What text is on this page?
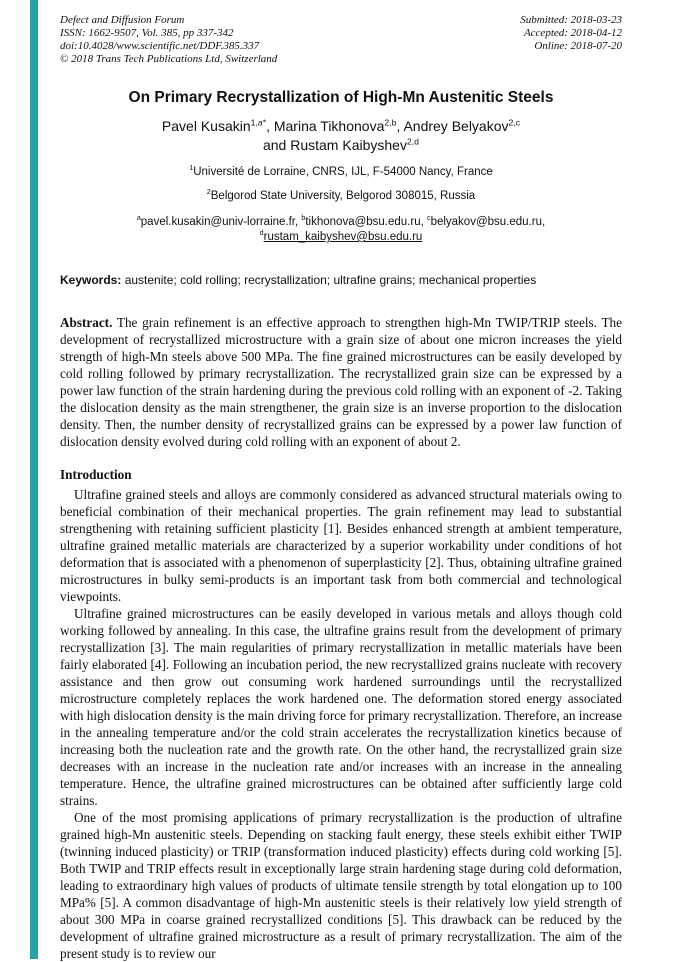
Defect and Diffusion Forum
ISSN: 1662-9507, Vol. 385, pp 337-342
doi:10.4028/www.scientific.net/DDF.385.337
© 2018 Trans Tech Publications Ltd, Switzerland
Submitted: 2018-03-23
Accepted: 2018-04-12
Online: 2018-07-20
On Primary Recrystallization of High-Mn Austenitic Steels
Pavel Kusakin$^{1,a*}$, Marina Tikhonova$^{2,b}$, Andrey Belyakov$^{2,c}$
and Rustam Kaibyshev$^{2,d}$
$^1$Université de Lorraine, CNRS, IJL, F-54000 Nancy, France
$^2$Belgorod State University, Belgorod 308015, Russia
$^a$pavel.kusakin@univ-lorraine.fr, $^b$tikhonova@bsu.edu.ru, $^c$belyakov@bsu.edu.ru,
$^d$rustam_kaibyshev@bsu.edu.ru
Keywords: austenite; cold rolling; recrystallization; ultrafine grains; mechanical properties

Abstract. The grain refinement is an effective approach to strengthen high-Mn TWIP/TRIP steels. The development of recrystallized microstructure with a grain size of about one micron increases the yield strength of high-Mn steels above 500 MPa. The fine grained microstructures can be easily developed by cold rolling followed by primary recrystallization. The recrystallized grain size can be expressed by a power law function of the strain hardening during the previous cold rolling with an exponent of -2. Taking the dislocation density as the main strengthener, the grain size is an inverse proportion to the dislocation density. Then, the number density of recrystallized grains can be expressed by a power law function of dislocation density evolved during cold rolling with an exponent of about 2.

Introduction

Ultrafine grained steels and alloys are commonly considered as advanced structural materials owing to beneficial combination of their mechanical properties. The grain refinement may lead to substantial strengthening with retaining sufficient plasticity [1]. Besides enhanced strength at ambient temperature, ultrafine grained metallic materials are characterized by a superior workability under conditions of hot deformation that is associated with a phenomenon of superplasticity [2]. Thus, obtaining ultrafine grained microstructures in bulky semi-products is an important task from both commercial and technological viewpoints.

Ultrafine grained microstructures can be easily developed in various metals and alloys though cold working followed by annealing. In this case, the ultrafine grains result from the development of primary recrystallization [3]. The main regularities of primary recrystallization in metallic materials have been fairly elaborated [4]. Following an incubation period, the new recrystallized grains nucleate with recovery assistance and then grow out consuming work hardened surroundings until the recrystallized microstructure completely replaces the work hardened one. The deformation stored energy associated with high dislocation density is the main driving force for primary recrystallization. Therefore, an increase in the annealing temperature and/or the cold strain accelerates the recrystallization kinetics because of increasing both the nucleation rate and the growth rate. On the other hand, the recrystallized grain size decreases with an increase in the nucleation rate and/or increases with an increase in the annealing temperature. Hence, the ultrafine grained microstructures can be obtained after sufficiently large cold strains.

One of the most promising applications of primary recrystallization is the production of ultrafine grained high-Mn austenitic steels. Depending on stacking fault energy, these steels exhibit either TWIP (twinning induced plasticity) or TRIP (transformation induced plasticity) effects during cold working [5]. Both TWIP and TRIP effects result in exceptionally large strain hardening stage during cold deformation, leading to extraordinary high values of products of ultimate tensile strength by total elongation up to 100 MPa% [5]. A common disadvantage of high-Mn austenitic steels is their relatively low yield strength of about 300 MPa in coarse grained recrystallized conditions [5]. This drawback can be reduced by the development of ultrafine grained microstructure as a result of primary recrystallization. The aim of the present study is to review our
